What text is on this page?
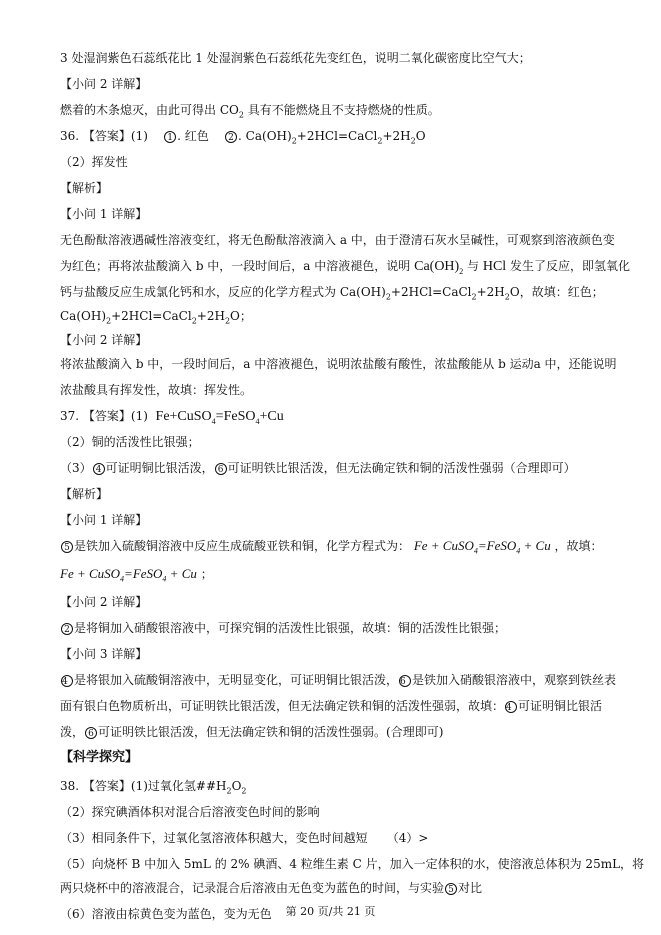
3 处湿润紫色石蕊纸花比 1 处湿润紫色石蕊纸花先变红色，说明二氧化碳密度比空气大；
【小问 2 详解】
燃着的木条熄灭，由此可得出 $CO_2$ 具有不能燃烧且不支持燃烧的性质。
36. 【答案】(1)    1 . 红色    2 . $Ca(OH)_2+2HCl=CaCl_2+2H_2O$
（2）挥发性
【解析】
【小问 1 详解】
无色酚酞溶液遇碱性溶液变红，将无色酚酞溶液滴入 a 中，由于澄清石灰水呈碱性，可观察到溶液颜色变
为红色；再将浓盐酸滴入 b 中，一段时间后，a 中溶液褪色，说明 $Ca(OH)_2$ 与 HCl 发生了反应，即氢氧化
钙与盐酸反应生成氯化钙和水，反应的化学方程式为 $Ca(OH)_2+2HCl=CaCl_2+2H_2O$，故填：红色；
$Ca(OH)_2+2HCl=CaCl_2+2H_2O$；
【小问 2 详解】
将浓盐酸滴入 b 中，一段时间后，a 中溶液褪色，说明浓盐酸有酸性，浓盐酸能从 b 运动a 中，还能说明
浓盐酸具有挥发性，故填：挥发性。
37. 【答案】(1)  Fe+CuSO$_4$=FeSO$_4$+Cu
（2）铜的活泼性比银强；
（3） 4 可证明铜比银活泼， 6 可证明铁比银活泼，但无法确定铁和铜的活泼性强弱（合理即可）
【解析】
【小问 1 详解】
5 是铁加入硫酸铜溶液中反应生成硫酸亚铁和铜，化学方程式为： Fe + CuSO$_4$=FeSO$_4$ + Cu ，故填：
Fe + CuSO$_4$=FeSO$_4$ + Cu ；
【小问 2 详解】
2 是将铜加入硝酸银溶液中，可探究铜的活泼性比银强，故填：铜的活泼性比银强；
【小问 3 详解】
4 是将银加入硫酸铜溶液中，无明显变化，可证明铜比银活泼， 6 是铁加入硝酸银溶液中，观察到铁丝表
面有银白色物质析出，可证明铁比银活泼，但无法确定铁和铜的活泼性强弱，故填： 4 可证明铜比银活
泼， 6 可证明铁比银活泼，但无法确定铁和铜的活泼性强弱。(合理即可)
【科学探究】
38. 【答案】(1)过氧化氢$\#\#H_2O_2$
（2）探究碘酒体积对混合后溶液变色时间的影响
（3）相同条件下，过氧化氢溶液体积越大，变色时间越短     （4）>
（5）向烧杯 B 中加入 5mL 的 2% 碘酒、4 粒维生素 C 片，加入一定体积的水，使溶液总体积为 25mL，将
两只烧杯中的溶液混合，记录混合后溶液由无色变为蓝色的时间，与实验 5 对比
（6）溶液由棕黄色变为蓝色，变为无色	第 20 页/共 21 页
